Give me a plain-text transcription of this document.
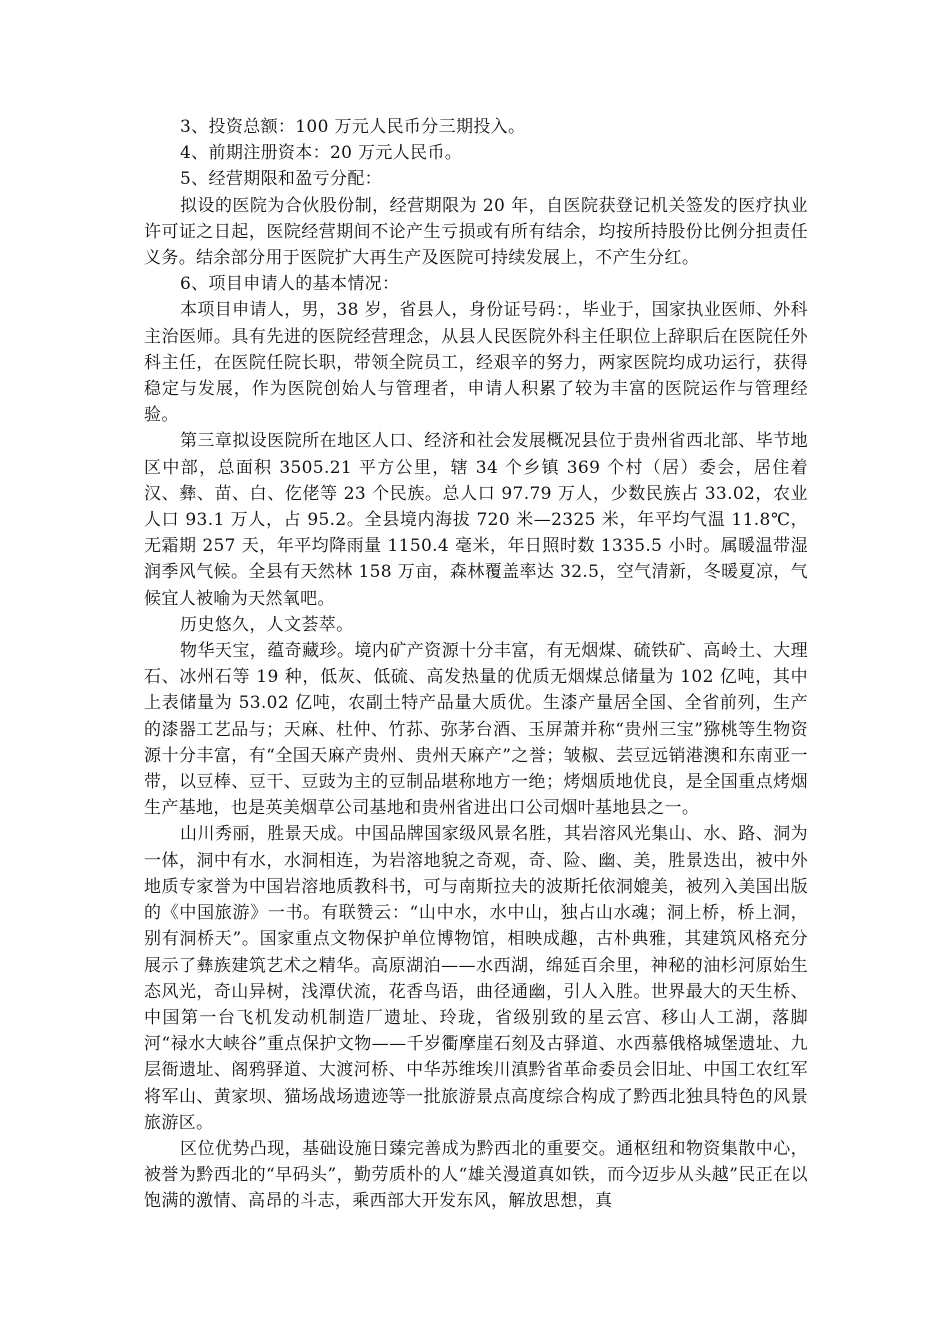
3、投资总额：100 万元人民币分三期投入。

4、前期注册资本：20 万元人民币。

5、经营期限和盈亏分配：

拟设的医院为合伙股份制，经营期限为 20 年，自医院获登记机关签发的医疗执业许可证之日起，医院经营期间不论产生亏损或有所有结余，均按所持股份比例分担责任义务。结余部分用于医院扩大再生产及医院可持续发展上，不产生分红。

6、项目申请人的基本情况：

本项目申请人，男，38 岁，省县人，身份证号码：，毕业于，国家执业医师、外科主治医师。具有先进的医院经营理念，从县人民医院外科主任职位上辞职后在医院任外科主任，在医院任院长职，带领全院员工，经艰辛的努力，两家医院均成功运行，获得稳定与发展，作为医院创始人与管理者，申请人积累了较为丰富的医院运作与管理经验。

第三章拟设医院所在地区人口、经济和社会发展概况县位于贵州省西北部、毕节地区中部，总面积 3505.21 平方公里，辖 34 个乡镇 369 个村（居）委会，居住着汉、彝、苗、白、仡佬等 23 个民族。总人口 97.79 万人，少数民族占 33.02，农业人口 93.1 万人，占 95.2。全县境内海拔 720 米—2325 米，年平均气温 11.8℃，无霜期 257 天，年平均降雨量 1150.4 毫米，年日照时数 1335.5 小时。属暖温带湿润季风气候。全县有天然林 158 万亩，森林覆盖率达 32.5，空气清新，冬暖夏凉，气候宜人被喻为天然氧吧。

历史悠久，人文荟萃。

物华天宝，蕴奇藏珍。境内矿产资源十分丰富，有无烟煤、硫铁矿、高岭土、大理石、冰州石等 19 种，低灰、低硫、高发热量的优质无烟煤总储量为 102 亿吨，其中上表储量为 53.02 亿吨，农副土特产品量大质优。生漆产量居全国、全省前列，生产的漆器工艺品与；天麻、杜仲、竹荪、弥茅台酒、玉屏萧并称“贵州三宝”猕桃等生物资源十分丰富，有“全国天麻产贵州、贵州天麻产”之誉；皱椒、芸豆远销港澳和东南亚一带，以豆棒、豆干、豆豉为主的豆制品堪称地方一绝；烤烟质地优良，是全国重点烤烟生产基地，也是英美烟草公司基地和贵州省进出口公司烟叶基地县之一。

山川秀丽，胜景天成。中国品牌国家级风景名胜，其岩溶风光集山、水、路、洞为一体，洞中有水，水洞相连，为岩溶地貌之奇观，奇、险、幽、美，胜景迭出，被中外地质专家誉为中国岩溶地质教科书，可与南斯拉夫的波斯托依洞媲美，被列入美国出版的《中国旅游》一书。有联赞云：“山中水，水中山，独占山水魂；洞上桥，桥上洞，别有洞桥天”。国家重点文物保护单位博物馆，相映成趣，古朴典雅，其建筑风格充分展示了彝族建筑艺术之精华。高原湖泊——水西湖，绵延百余里，神秘的油杉河原始生态风光，奇山异树，浅潭伏流，花香鸟语，曲径通幽，引人入胜。世界最大的天生桥、中国第一台飞机发动机制造厂遗址、玲珑，省级别致的星云宫、移山人工湖，落脚河“禄水大峡谷”重点保护文物——千岁衢摩崖石刻及古驿道、水西慕俄格城堡遗址、九层衙遗址、阁鸦驿道、大渡河桥、中华苏维埃川滇黔省革命委员会旧址、中国工农红军将军山、黄家坝、猫场战场遗迹等一批旅游景点高度综合构成了黔西北独具特色的风景旅游区。

区位优势凸现，基础设施日臻完善成为黔西北的重要交。通枢纽和物资集散中心，被誉为黔西北的“早码头”，勤劳质朴的人“雄关漫道真如铁，而今迈步从头越”民正在以饱满的激情、高昂的斗志，乘西部大开发东风，解放思想，真
